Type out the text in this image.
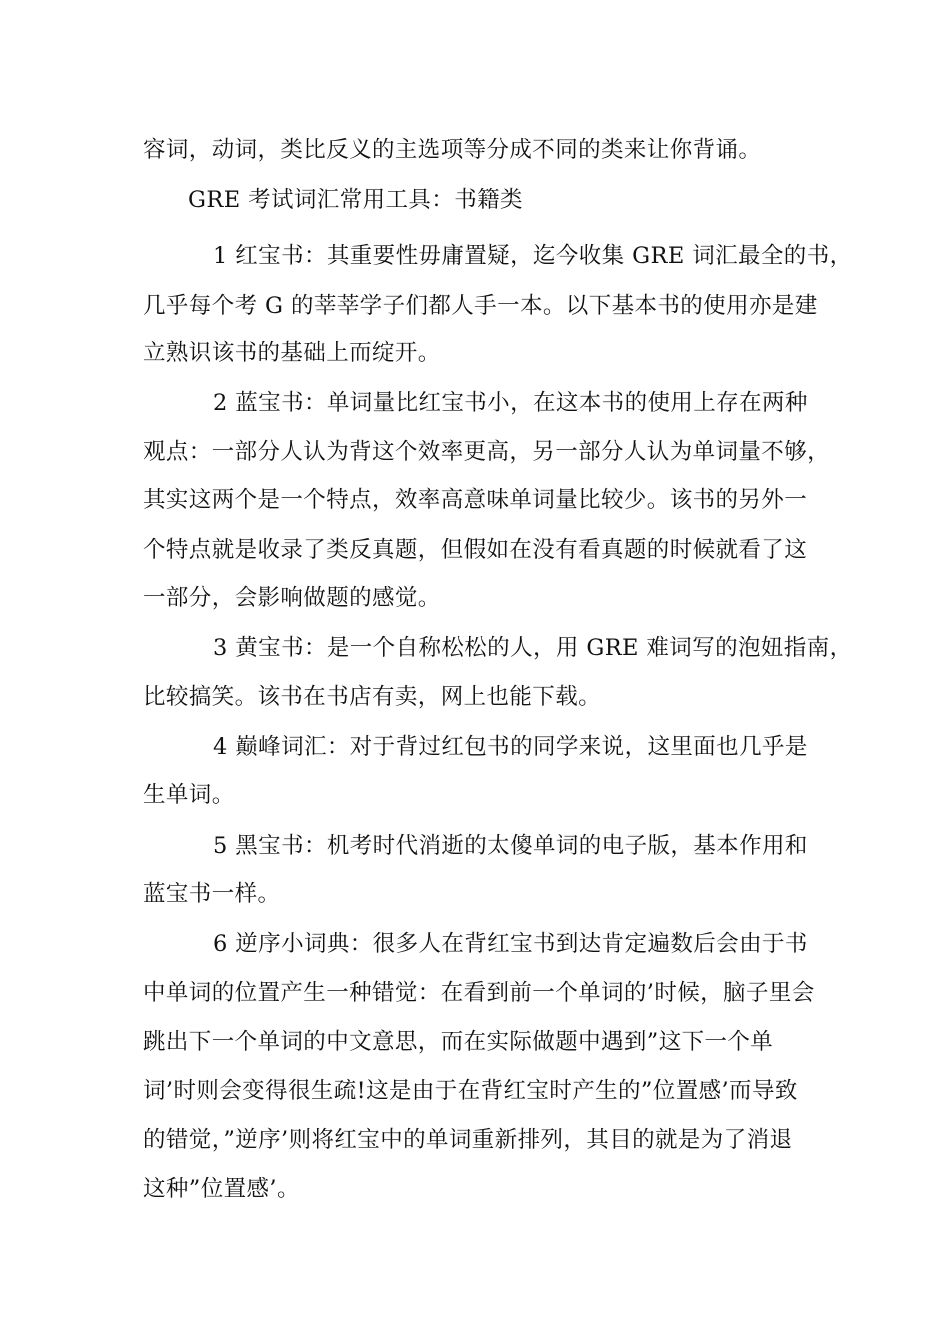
容词，动词，类比反义的主选项等分成不同的类来让你背诵。
GRE 考试词汇常用工具：书籍类
1 红宝书：其重要性毋庸置疑，迄今收集 GRE 词汇最全的书，
几乎每个考 G 的莘莘学子们都人手一本。以下基本书的使用亦是建
立熟识该书的基础上而绽开。
2 蓝宝书：单词量比红宝书小，在这本书的使用上存在两种
观点：一部分人认为背这个效率更高，另一部分人认为单词量不够，
其实这两个是一个特点，效率高意味单词量比较少。该书的另外一
个特点就是收录了类反真题，但假如在没有看真题的时候就看了这
一部分，会影响做题的感觉。
3 黄宝书：是一个自称松松的人，用 GRE 难词写的泡妞指南，
比较搞笑。该书在书店有卖，网上也能下载。
4 巅峰词汇：对于背过红包书的同学来说，这里面也几乎是
生单词。
5 黑宝书：机考时代消逝的太傻单词的电子版，基本作用和
蓝宝书一样。
6 逆序小词典：很多人在背红宝书到达肯定遍数后会由于书
中单词的位置产生一种错觉：在看到前一个单词的’时候，脑子里会
跳出下一个单词的中文意思，而在实际做题中遇到”这下一个单
词’时则会变得很生疏!这是由于在背红宝时产生的”位置感’而导致
的错觉，”逆序’则将红宝中的单词重新排列，其目的就是为了消退
这种”位置感’。
